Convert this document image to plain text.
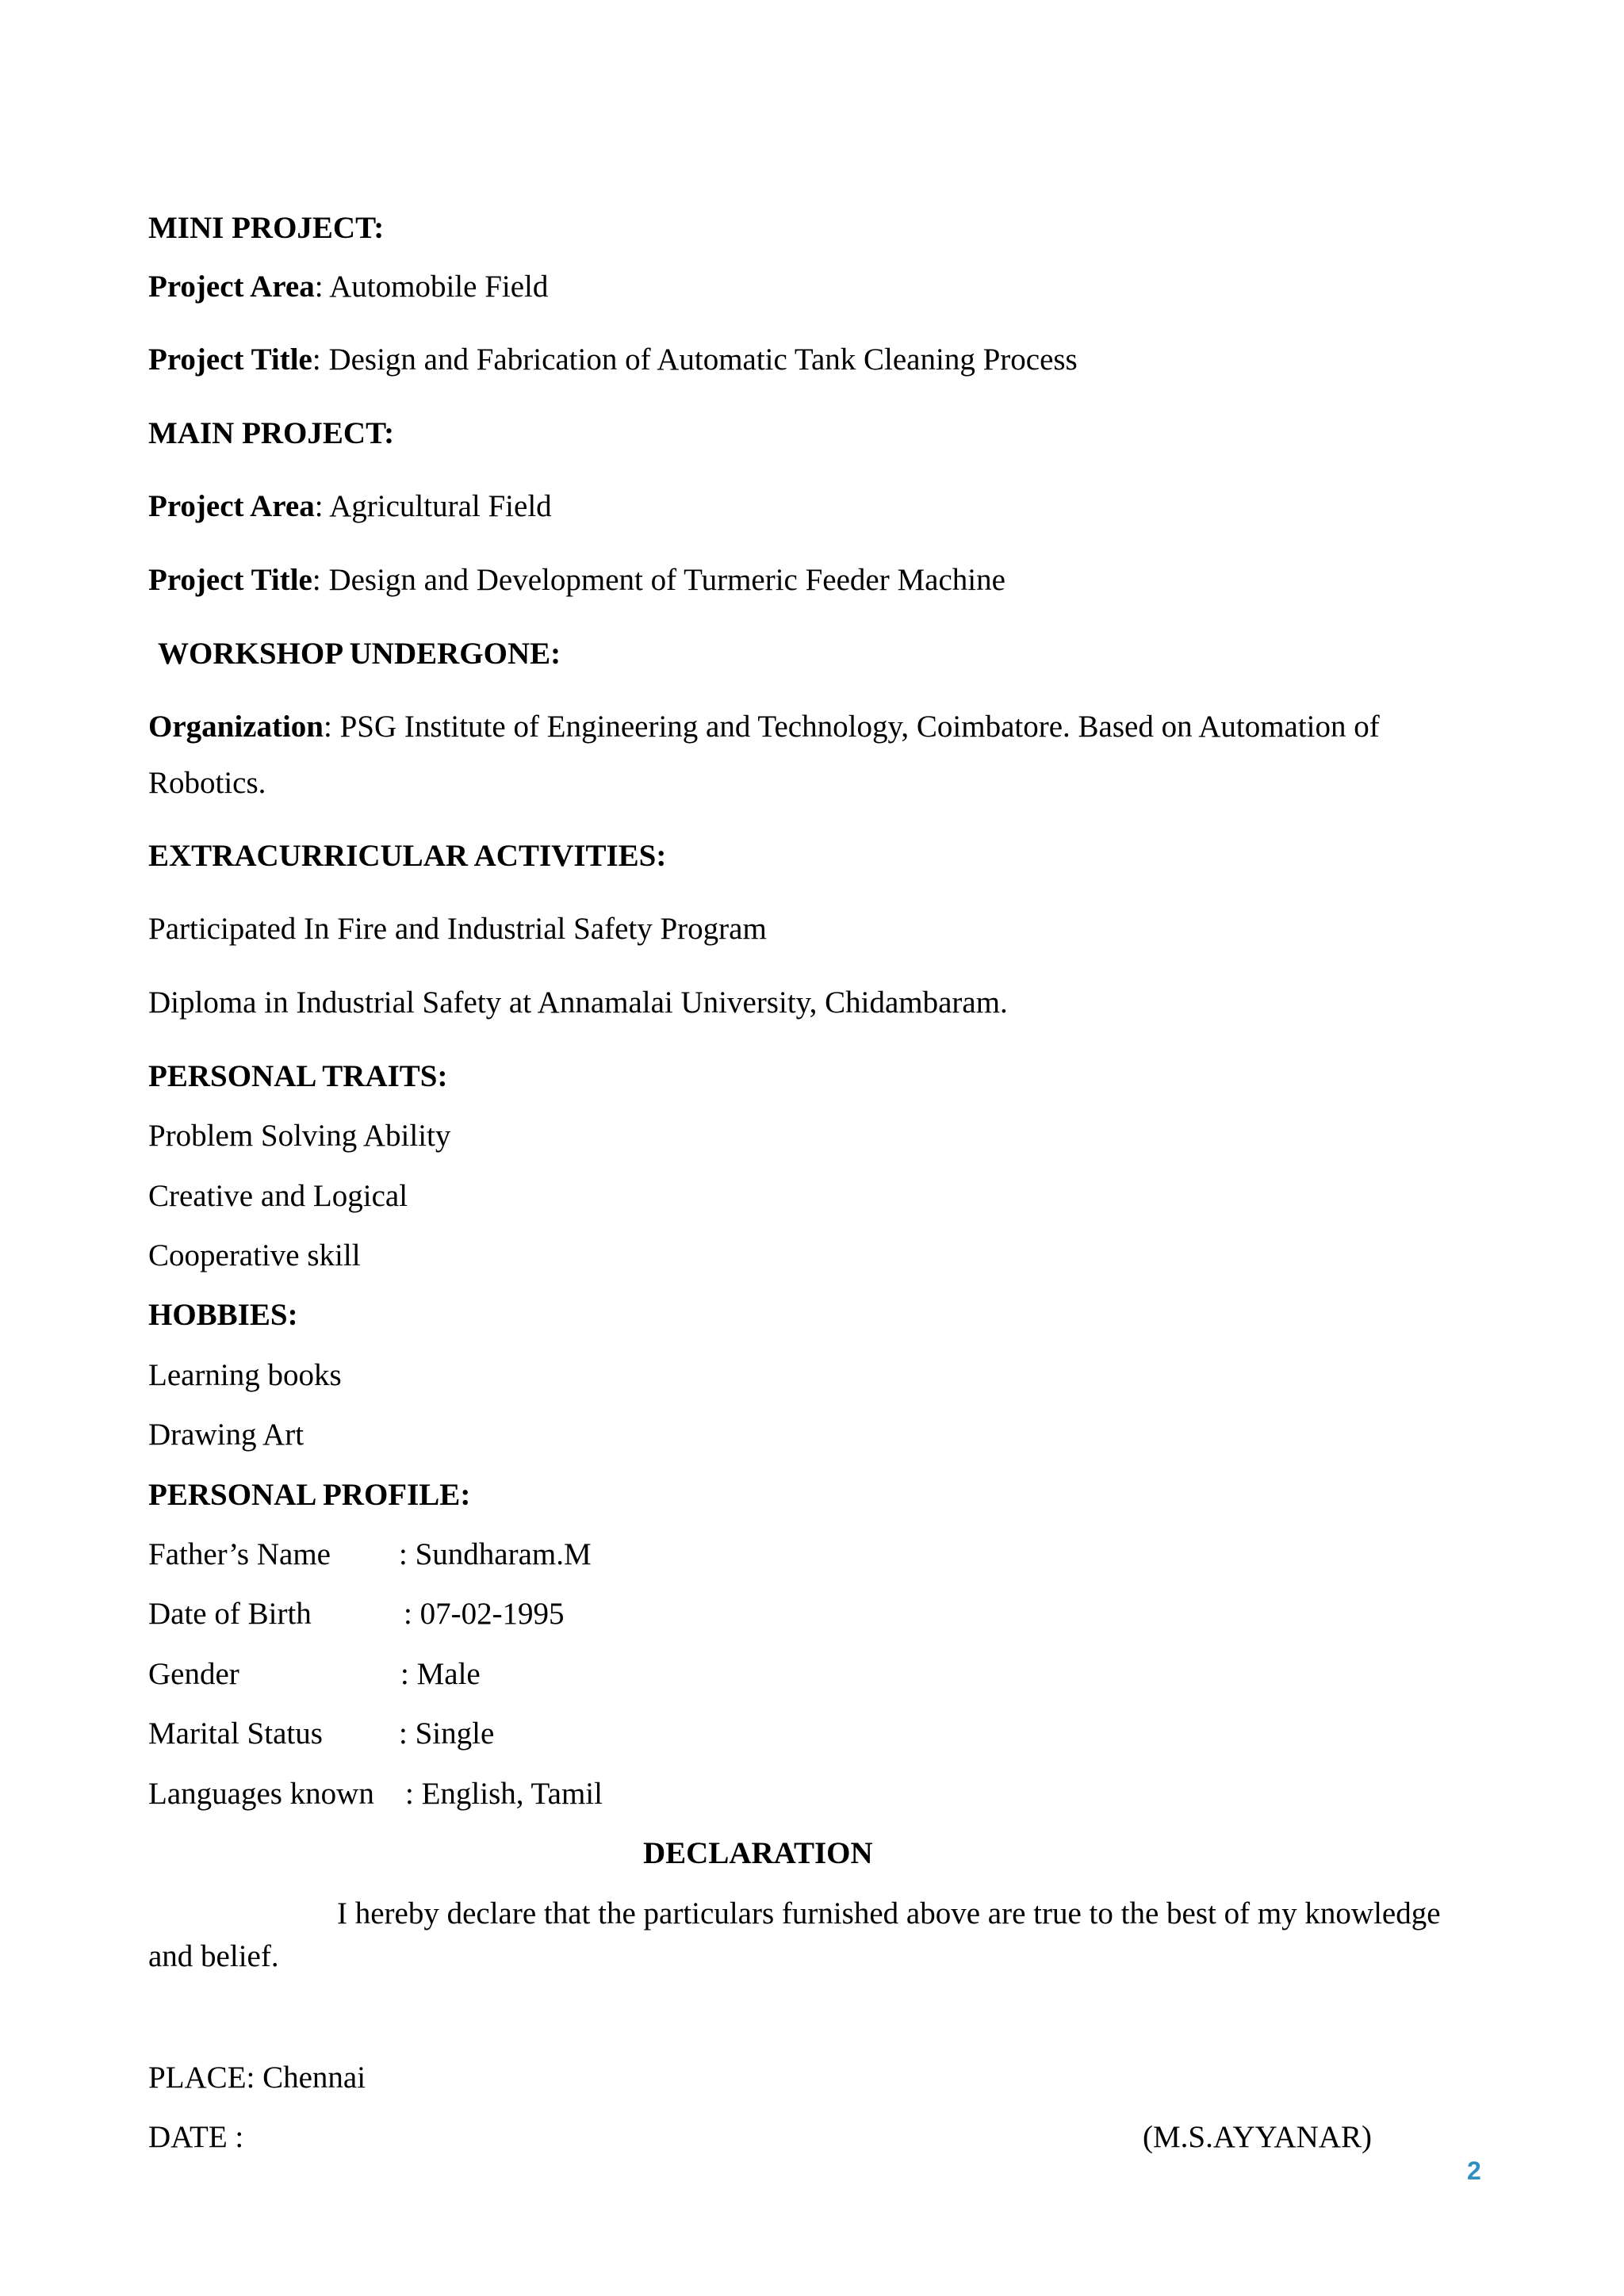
MINI PROJECT:
Project Area: Automobile Field
Project Title: Design and Fabrication of Automatic Tank Cleaning Process
MAIN PROJECT:
Project Area: Agricultural Field
Project Title: Design and Development of Turmeric Feeder Machine
WORKSHOP UNDERGONE:
Organization: PSG Institute of Engineering and Technology, Coimbatore. Based on Automation of
Robotics.
EXTRACURRICULAR ACTIVITIES:
Participated In Fire and Industrial Safety Program
Diploma in Industrial Safety at Annamalai University, Chidambaram.
PERSONAL TRAITS:
Problem Solving Ability
Creative and Logical
Cooperative skill
HOBBIES:
Learning books
Drawing Art
PERSONAL PROFILE:
Father’s Name : Sundharam.M
Date of Birth	: 07-02-1995
Gender	: Male
Marital Status : Single
Languages known : English, Tamil
DECLARATION
I hereby declare that the particulars furnished above are true to the best of my knowledge
and belief.
PLACE: Chennai
DATE :	(M.S.AYYANAR)
2
